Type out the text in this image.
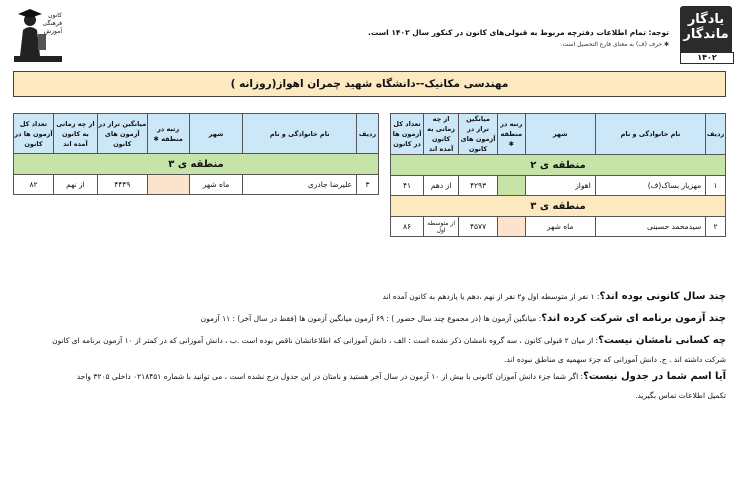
یادگار ماندگار
۱۴۰۲
توجه: تمام اطلاعات دفترچه مربوط به قبولی‌های کانون در کنکور سال ۱۴۰۲ است.
✱ حرف (ف) به معنای فارغ التحصیل است.
کانون فرهنگی آموزش
مهندسی مکانیک--دانشگاه شهید چمران اهواز(روزانه )
ردیف	نام خانوادگی و نام	شهر	رتبه در منطقه ✱	میانگین تراز در آزمون های کانون	از چه زمانی به کانون آمده اند	تعداد کل آزمون ها در کانون
منطقه ی ۲						
۱	مهزیار بساک(ف)	اهواز		۴۲۹۳	از دهم	۴۱
منطقه ی ۳						
۲	سیدمحمد حسینی	ماه شهر		۴۵۷۷	از متوسطه اول	۸۶
ردیف	نام خانوادگی و نام	شهر	رتبه در منطقه ✱	میانگین تراز در آزمون های کانون	از چه زمانی به کانون آمده اند	تعداد کل آزمون ها در کانون
منطقه ی ۳						
۳	علیرضا جادری	ماه شهر		۴۴۴۹	از نهم	۸۲
چند سال کانونی بوده اند؟: ۱ نفر از متوسطه اول و۲ نفر از نهم ،دهم یا یازدهم به کانون آمده اند
چند آزمون برنامه ای شرکت کرده اند؟: میانگین آزمون ها (در مجموع چند سال حضور ) : ۶۹ آزمون میانگین آزمون ها (فقط در سال آخر) : ۱۱ آزمون
چه کسانی نامشان نیست؟: از میان ۲ قبولی کانون ، سه گروه نامشان ذکر نشده است : الف ، دانش آموزانی که اطلاعاتشان ناقص بوده است .ب ، دانش آموزانی که در کمتر از ۱۰ آزمون برنامه ای کانون
شرکت داشته اند . ج. دانش آموزانی که جزء سهمیه ی مناطق نبوده اند.
آیا اسم شما در جدول نیست؟: اگر شما جزء دانش آموزان کانونی با بیش از ۱۰ آزمون در سال آخر هستید و نامتان در این جدول درج نشده است ، می توانید با شماره ۰۲۱۸۴۵۱ داخلی ۳۲۰۵ واحد
تکمیل اطلاعات تماس بگیرید.
